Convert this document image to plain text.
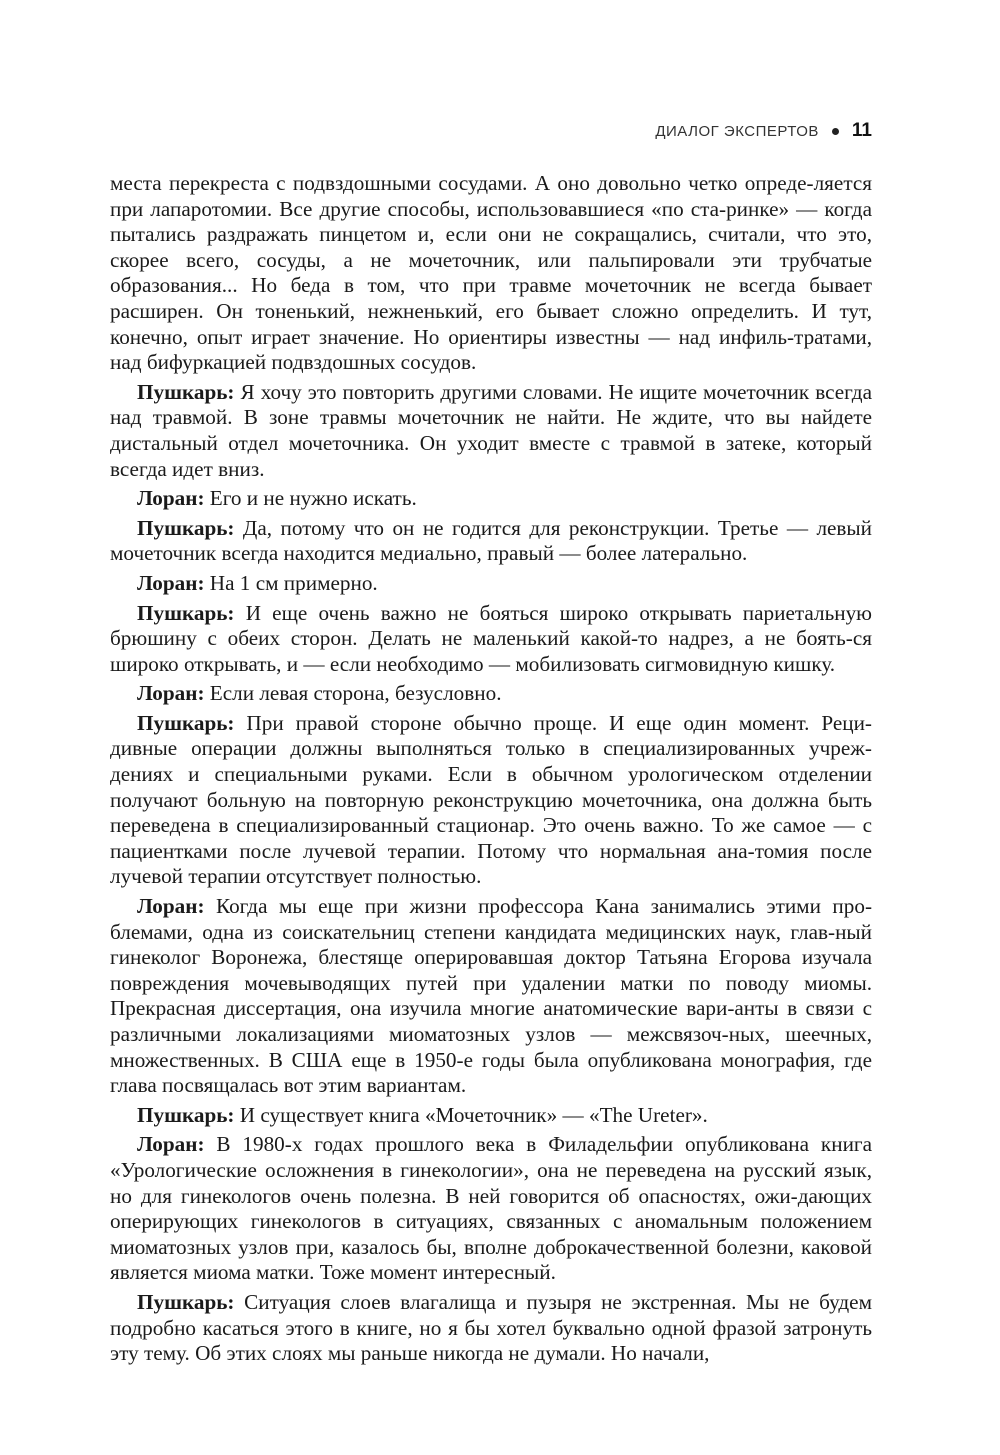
ДИАЛОГ ЭКСПЕРТОВ 11

места перекреста с подвздошными сосудами. А оно довольно четко опреде-ляется при лапаротомии. Все другие способы, использовавшиеся «по ста-ринке» — когда пытались раздражать пинцетом и, если они не сокращались, считали, что это, скорее всего, сосуды, а не мочеточник, или пальпировали эти трубчатые образования... Но беда в том, что при травме мочеточник не всегда бывает расширен. Он тоненький, нежненький, его бывает сложно определить. И тут, конечно, опыт играет значение. Но ориентиры известны — над инфиль-тратами, над бифуркацией подвздошных сосудов.

Пушкарь: Я хочу это повторить другими словами. Не ищите мочеточник всегда над травмой. В зоне травмы мочеточник не найти. Не ждите, что вы найдете дистальный отдел мочеточника. Он уходит вместе с травмой в затеке, который всегда идет вниз.

Лоран: Его и не нужно искать.

Пушкарь: Да, потому что он не годится для реконструкции. Третье — левый мочеточник всегда находится медиально, правый — более латерально.

Лоран: На 1 см примерно.

Пушкарь: И еще очень важно не бояться широко открывать париетальную брюшину с обеих сторон. Делать не маленький какой-то надрез, а не боять-ся широко открывать, и — если необходимо — мобилизовать сигмовидную кишку.

Лоран: Если левая сторона, безусловно.

Пушкарь: При правой стороне обычно проще. И еще один момент. Реци-дивные операции должны выполняться только в специализированных учреж-дениях и специальными руками. Если в обычном урологическом отделении получают больную на повторную реконструкцию мочеточника, она должна быть переведена в специализированный стационар. Это очень важно. То же самое — с пациентками после лучевой терапии. Потому что нормальная ана-томия после лучевой терапии отсутствует полностью.

Лоран: Когда мы еще при жизни профессора Кана занимались этими про-блемами, одна из соискательниц степени кандидата медицинских наук, глав-ный гинеколог Воронежа, блестяще оперировавшая доктор Татьяна Егорова изучала повреждения мочевыводящих путей при удалении матки по поводу миомы. Прекрасная диссертация, она изучила многие анатомические вари-анты в связи с различными локализациями миоматозных узлов — межсвязоч-ных, шеечных, множественных. В США еще в 1950-е годы была опубликована монография, где глава посвящалась вот этим вариантам.

Пушкарь: И существует книга «Мочеточник» — «The Ureter».

Лоран: В 1980-х годах прошлого века в Филадельфии опубликована книга «Урологические осложнения в гинекологии», она не переведена на русский язык, но для гинекологов очень полезна. В ней говорится об опасностях, ожи-дающих оперирующих гинекологов в ситуациях, связанных с аномальным положением миоматозных узлов при, казалось бы, вполне доброкачественной болезни, каковой является миома матки. Тоже момент интересный.

Пушкарь: Ситуация слоев влагалища и пузыря не экстренная. Мы не будем подробно касаться этого в книге, но я бы хотел буквально одной фразой затронуть эту тему. Об этих слоях мы раньше никогда не думали. Но начали,
